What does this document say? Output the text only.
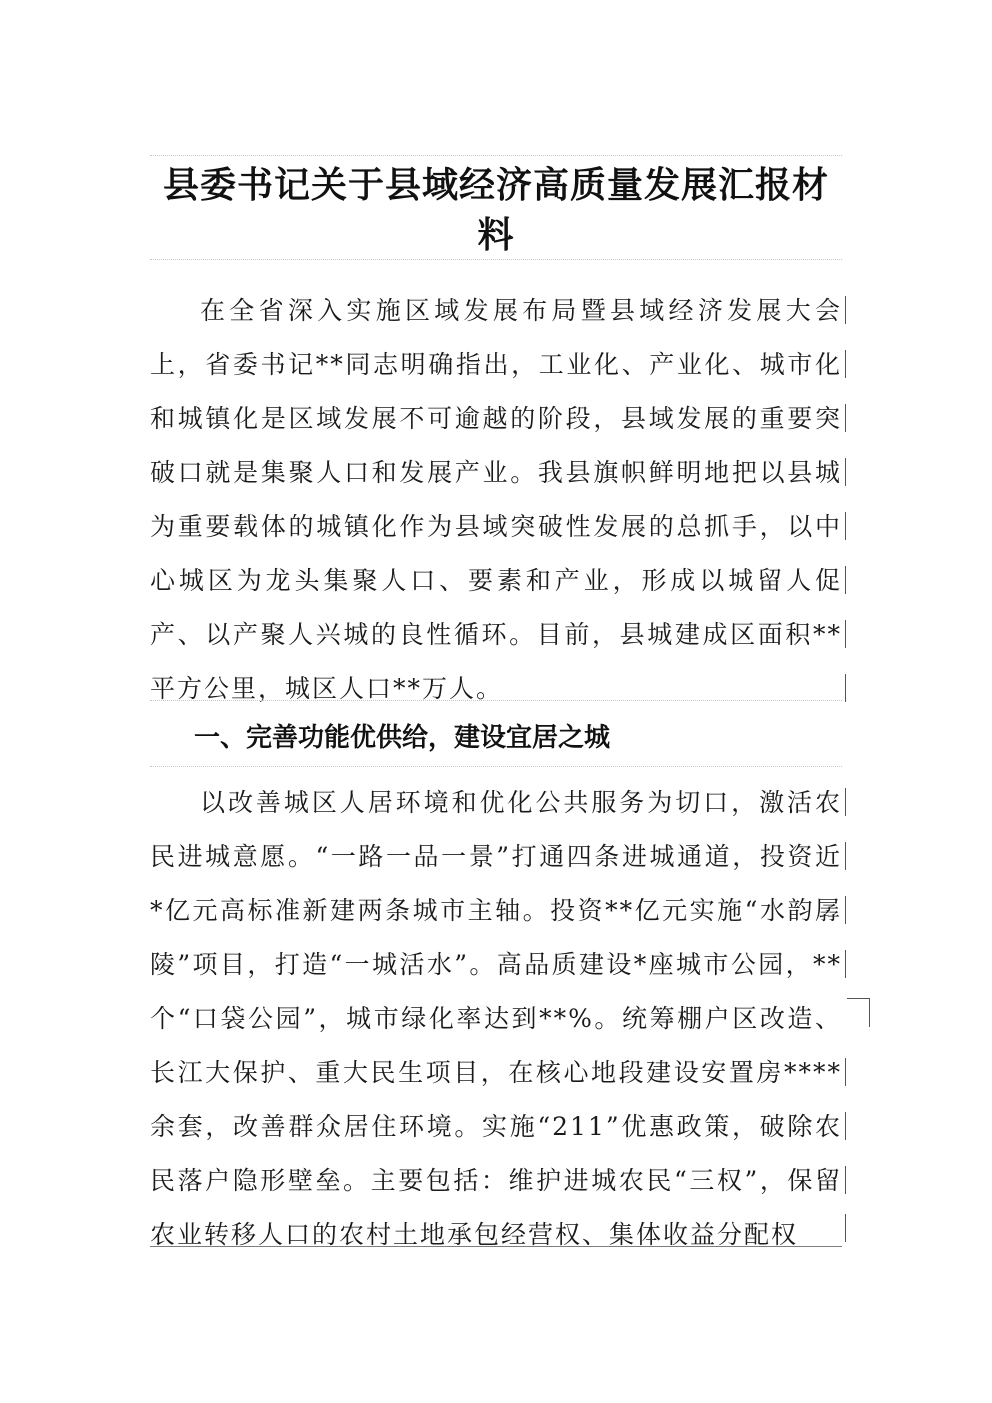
县委书记关于县域经济高质量发展汇报材料

在全省深入实施区域发展布局暨县域经济发展大会上，省委书记**同志明确指出，工业化、产业化、城市化和城镇化是区域发展不可逾越的阶段，县域发展的重要突破口就是集聚人口和发展产业。我县旗帜鲜明地把以县城为重要载体的城镇化作为县域突破性发展的总抓手，以中心城区为龙头集聚人口、要素和产业，形成以城留人促产、以产聚人兴城的良性循环。目前，县城建成区面积**平方公里，城区人口**万人。

一、完善功能优供给，建设宜居之城

以改善城区人居环境和优化公共服务为切口，激活农民进城意愿。“一路一品一景”打通四条进城通道，投资近*亿元高标准新建两条城市主轴。投资**亿元实施“水韵孱陵”项目，打造“一城活水”。高品质建设*座城市公园，**个“口袋公园”，城市绿化率达到**%。统筹棚户区改造、长江大保护、重大民生项目，在核心地段建设安置房****余套，改善群众居住环境。实施“211”优惠政策，破除农民落户隐形壁垒。主要包括：维护进城农民“三权”，保留农业转移人口的农村土地承包经营权、集体收益分配权
